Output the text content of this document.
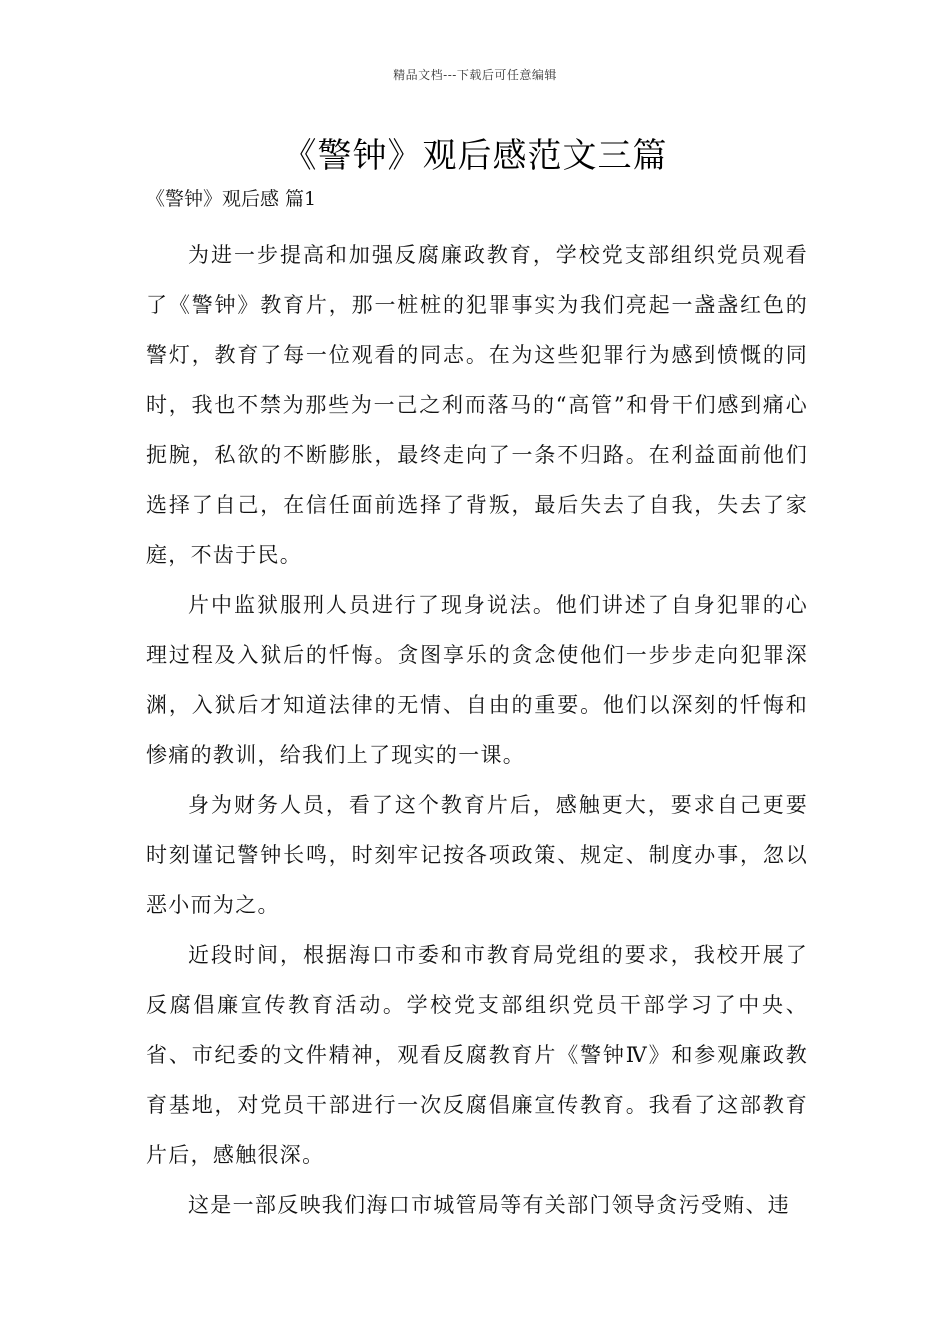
精品文档---下载后可任意编辑
《警钟》观后感范文三篇
《警钟》观后感 篇1

为进一步提高和加强反腐廉政教育，学校党支部组织党员观看了《警钟》教育片，那一桩桩的犯罪事实为我们亮起一盏盏红色的警灯，教育了每一位观看的同志。在为这些犯罪行为感到愤慨的同时，我也不禁为那些为一己之利而落马的“高管”和骨干们感到痛心扼腕，私欲的不断膨胀，最终走向了一条不归路。在利益面前他们选择了自己，在信任面前选择了背叛，最后失去了自我，失去了家庭，不齿于民。

片中监狱服刑人员进行了现身说法。他们讲述了自身犯罪的心理过程及入狱后的忏悔。贪图享乐的贪念使他们一步步走向犯罪深渊，入狱后才知道法律的无情、自由的重要。他们以深刻的忏悔和惨痛的教训，给我们上了现实的一课。

身为财务人员，看了这个教育片后，感触更大，要求自己更要时刻谨记警钟长鸣，时刻牢记按各项政策、规定、制度办事，忽以恶小而为之。

近段时间，根据海口市委和市教育局党组的要求，我校开展了反腐倡廉宣传教育活动。学校党支部组织党员干部学习了中央、省、市纪委的文件精神，观看反腐教育片《警钟Ⅳ》和参观廉政教育基地，对党员干部进行一次反腐倡廉宣传教育。我看了这部教育片后，感触很深。

这是一部反映我们海口市城管局等有关部门领导贪污受贿、违
